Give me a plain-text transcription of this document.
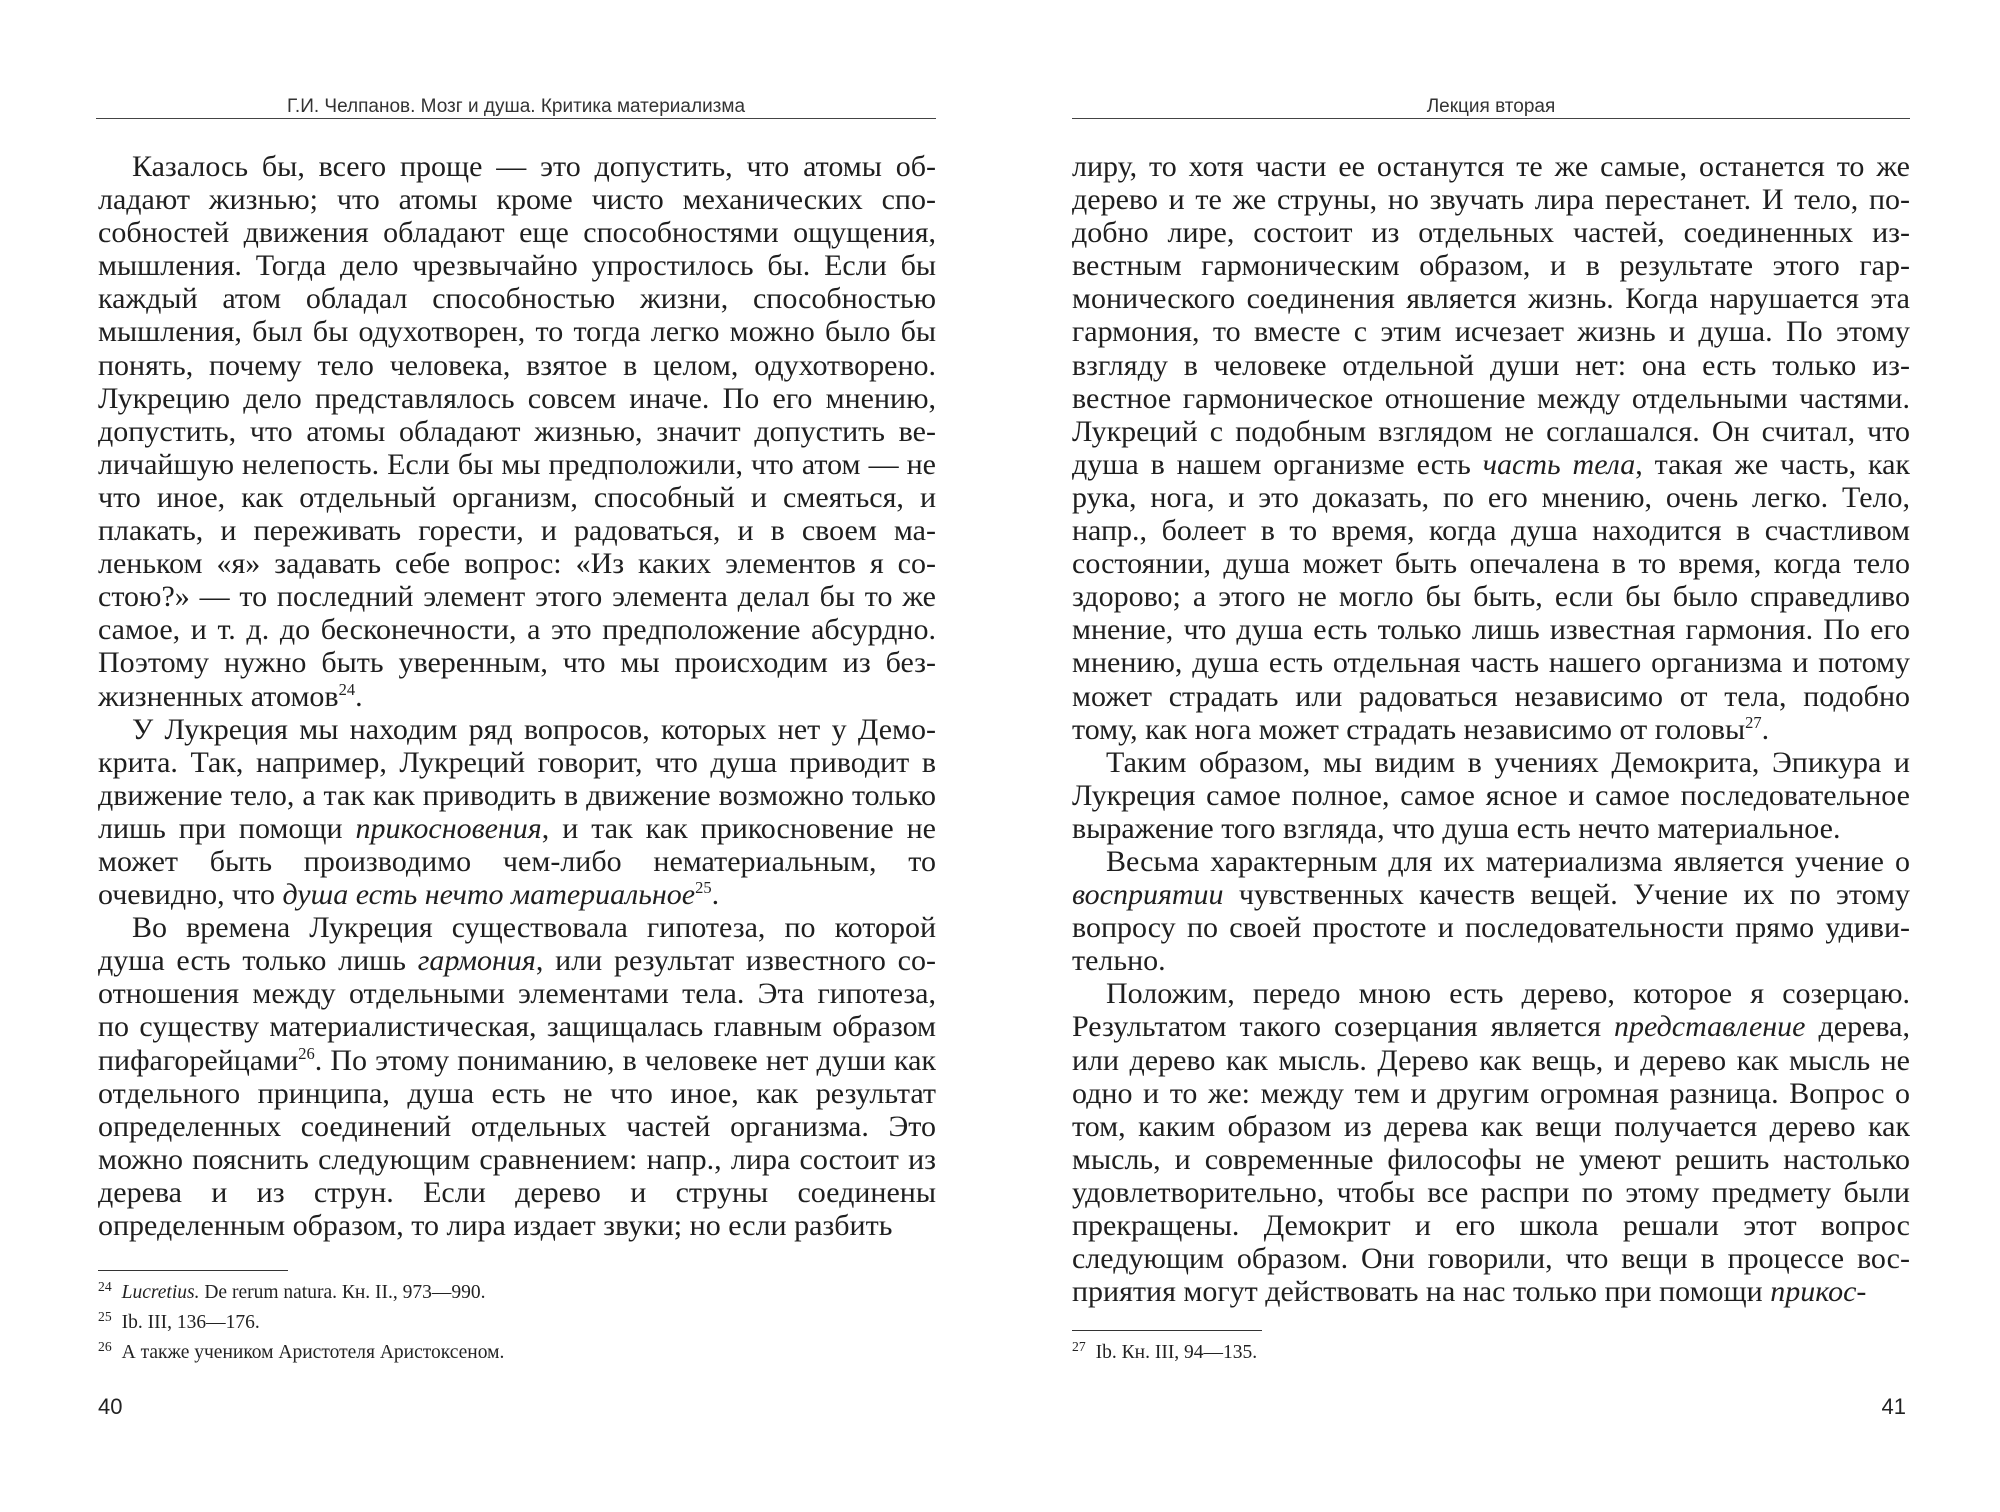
Г.И. Челпанов. Мозг и душа. Критика материализма

Казалось бы, всего проще — это допустить, что атомы обладают жизнью; что атомы кроме чисто механических способностей движения обладают еще способностями ощущения, мышления. Тогда дело чрезвычайно упростилось бы. Если бы каждый атом обладал способностью жизни, способностью мышления, был бы одухотворен, то тогда легко можно было бы понять, почему тело человека, взятое в целом, одухотворено. Лукрецию дело представлялось совсем иначе. По его мнению, допустить, что атомы обладают жизнью, значит допустить величайшую нелепость. Если бы мы предположили, что атом — не что иное, как отдельный организм, способный и смеяться, и плакать, и переживать горести, и радоваться, и в своем маленьком «я» задавать себе вопрос: «Из каких элементов я состою?» — то последний элемент этого элемента делал бы то же самое, и т. д. до бесконечности, а это предположение абсурдно. Поэтому нужно быть уверенным, что мы происходим из безжизненных атомов$^{24}$.

У Лукреция мы находим ряд вопросов, которых нет у Демокрита. Так, например, Лукреций говорит, что душа приводит в движение тело, а так как приводить в движение возможно только лишь при помощи прикосновения, и так как прикосновение не может быть производимо чем-либо нематериальным, то очевидно, что душа есть нечто материальное$^{25}$.

Во времена Лукреция существовала гипотеза, по которой душа есть только лишь гармония, или результат известного соотношения между отдельными элементами тела. Эта гипотеза, по существу материалистическая, защищалась главным образом пифагорейцами$^{26}$. По этому пониманию, в человеке нет души как отдельного принципа, душа есть не что иное, как результат определенных соединений отдельных частей организма. Это можно пояснить следующим сравнением: напр., лира состоит из дерева и из струн. Если дерево и струны соединены определенным образом, то лира издает звуки; но если разбить

$^{24}$ Lucretius. De rerum natura. Кн. II., 973—990.

$^{25}$ Ib. III, 136—176.

$^{26}$ А также учеником Аристотеля Аристоксеном.

40
Лекция вторая

лиру, то хотя части ее останутся те же самые, останется то же дерево и те же струны, но звучать лира перестанет. И тело, подобно лире, состоит из отдельных частей, соединенных известным гармоническим образом, и в результате этого гармонического соединения является жизнь. Когда нарушается эта гармония, то вместе с этим исчезает жизнь и душа. По этому взгляду в человеке отдельной души нет: она есть только известное гармоническое отношение между отдельными частями. Лукреций с подобным взглядом не соглашался. Он считал, что душа в нашем организме есть часть тела, такая же часть, как рука, нога, и это доказать, по его мнению, очень легко. Тело, напр., болеет в то время, когда душа находится в счастливом состоянии, душа может быть опечалена в то время, когда тело здорово; а этого не могло бы быть, если бы было справедливо мнение, что душа есть только лишь известная гармония. По его мнению, душа есть отдельная часть нашего организма и потому может страдать или радоваться независимо от тела, подобно тому, как нога может страдать независимо от головы$^{27}$.

Таким образом, мы видим в учениях Демокрита, Эпикура и Лукреция самое полное, самое ясное и самое последовательное выражение того взгляда, что душа есть нечто материальное.

Весьма характерным для их материализма является учение о восприятии чувственных качеств вещей. Учение их по этому вопросу по своей простоте и последовательности прямо удивительно.

Положим, передо мною есть дерево, которое я созерцаю. Результатом такого созерцания является представление дерева, или дерево как мысль. Дерево как вещь, и дерево как мысль не одно и то же: между тем и другим огромная разница. Вопрос о том, каким образом из дерева как вещи получается дерево как мысль, и современные философы не умеют решить настолько удовлетворительно, чтобы все распри по этому предмету были прекращены. Демокрит и его школа решали этот вопрос следующим образом. Они говорили, что вещи в процессе восприятия могут действовать на нас только при помощи прикос-

$^{27}$ Ib. Кн. III, 94—135.

41
